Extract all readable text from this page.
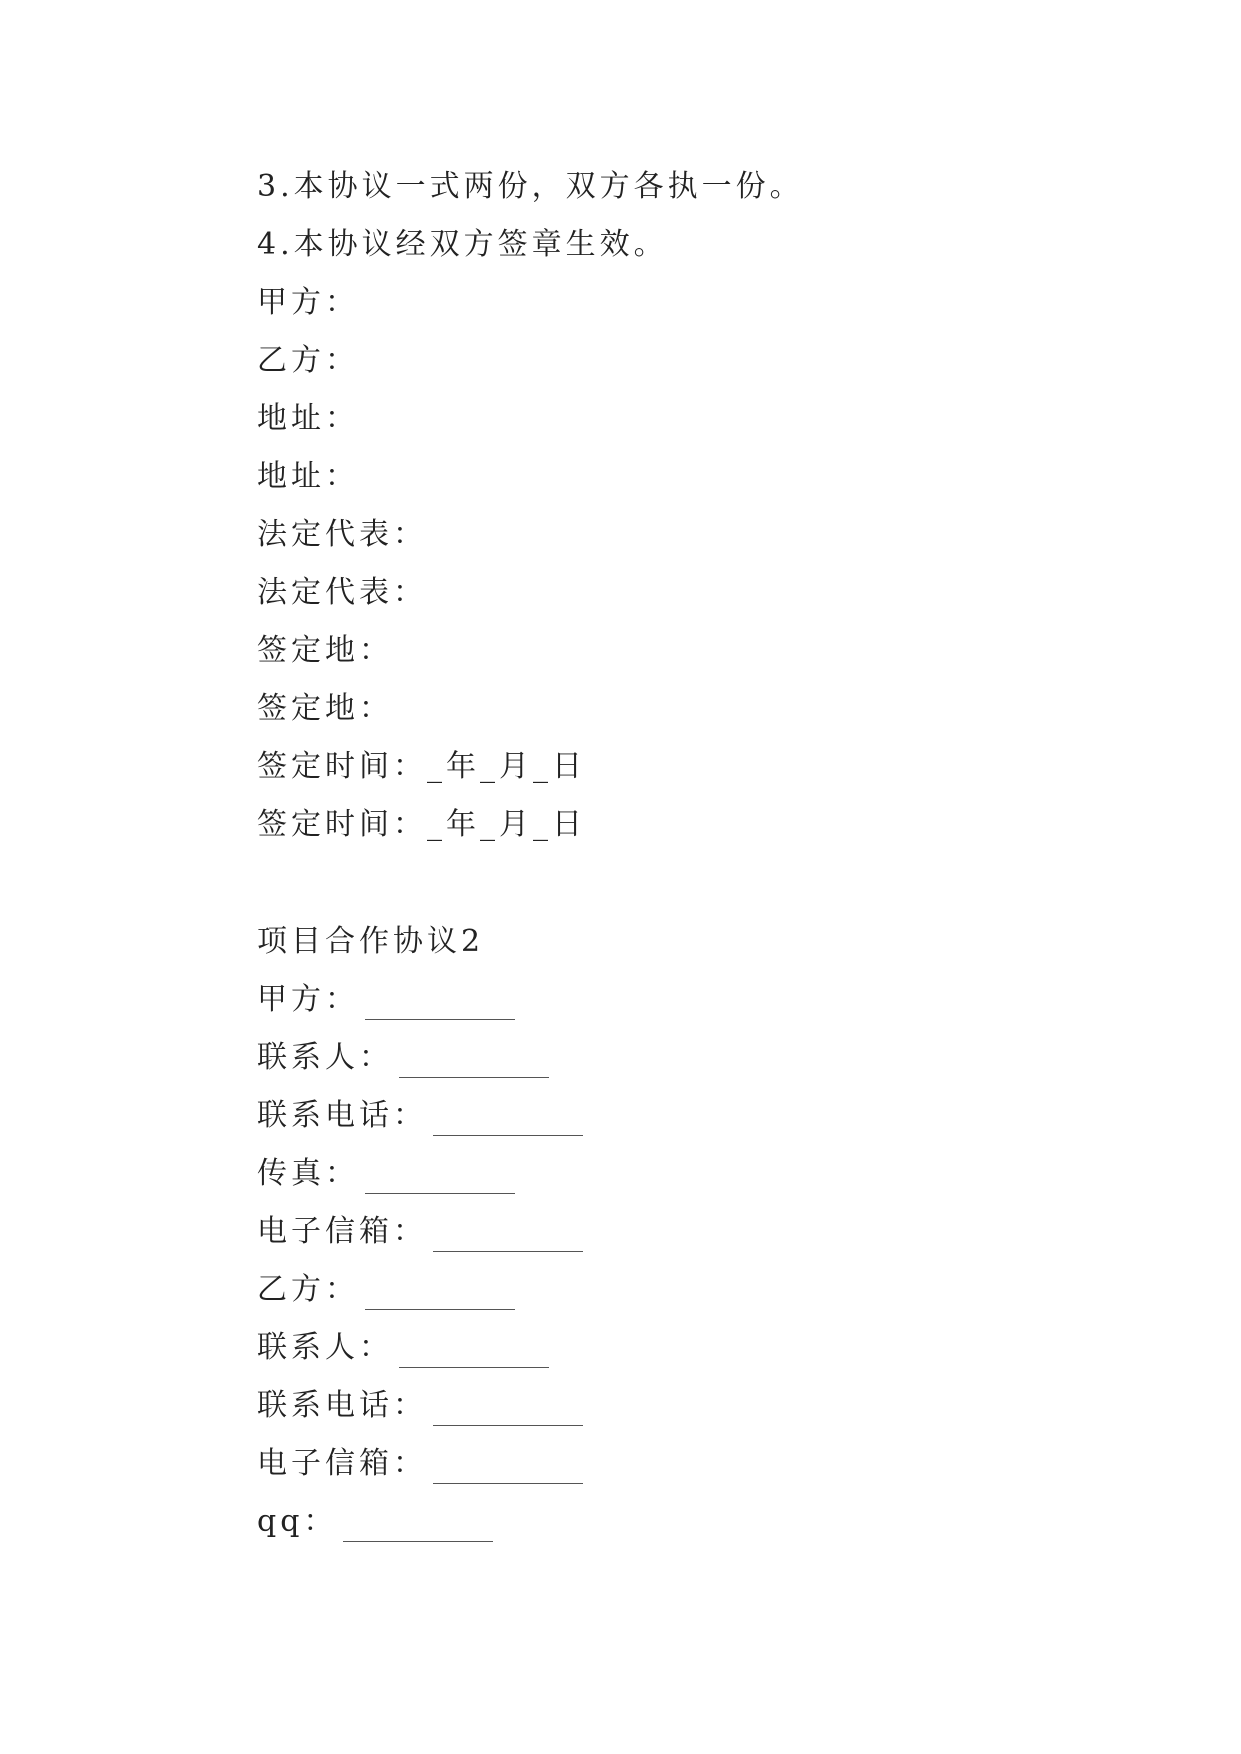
3.本协议一式两份，双方各执一份。
4.本协议经双方签章生效。
甲方：
乙方：
地址：
地址：
法定代表：
法定代表：
签定地：
签定地：
签定时间：_年_月_日
签定时间：_年_月_日
项目合作协议2
甲方：
联系人：
联系电话：
传真：
电子信箱：
乙方：
联系人：
联系电话：
电子信箱：
qq：
